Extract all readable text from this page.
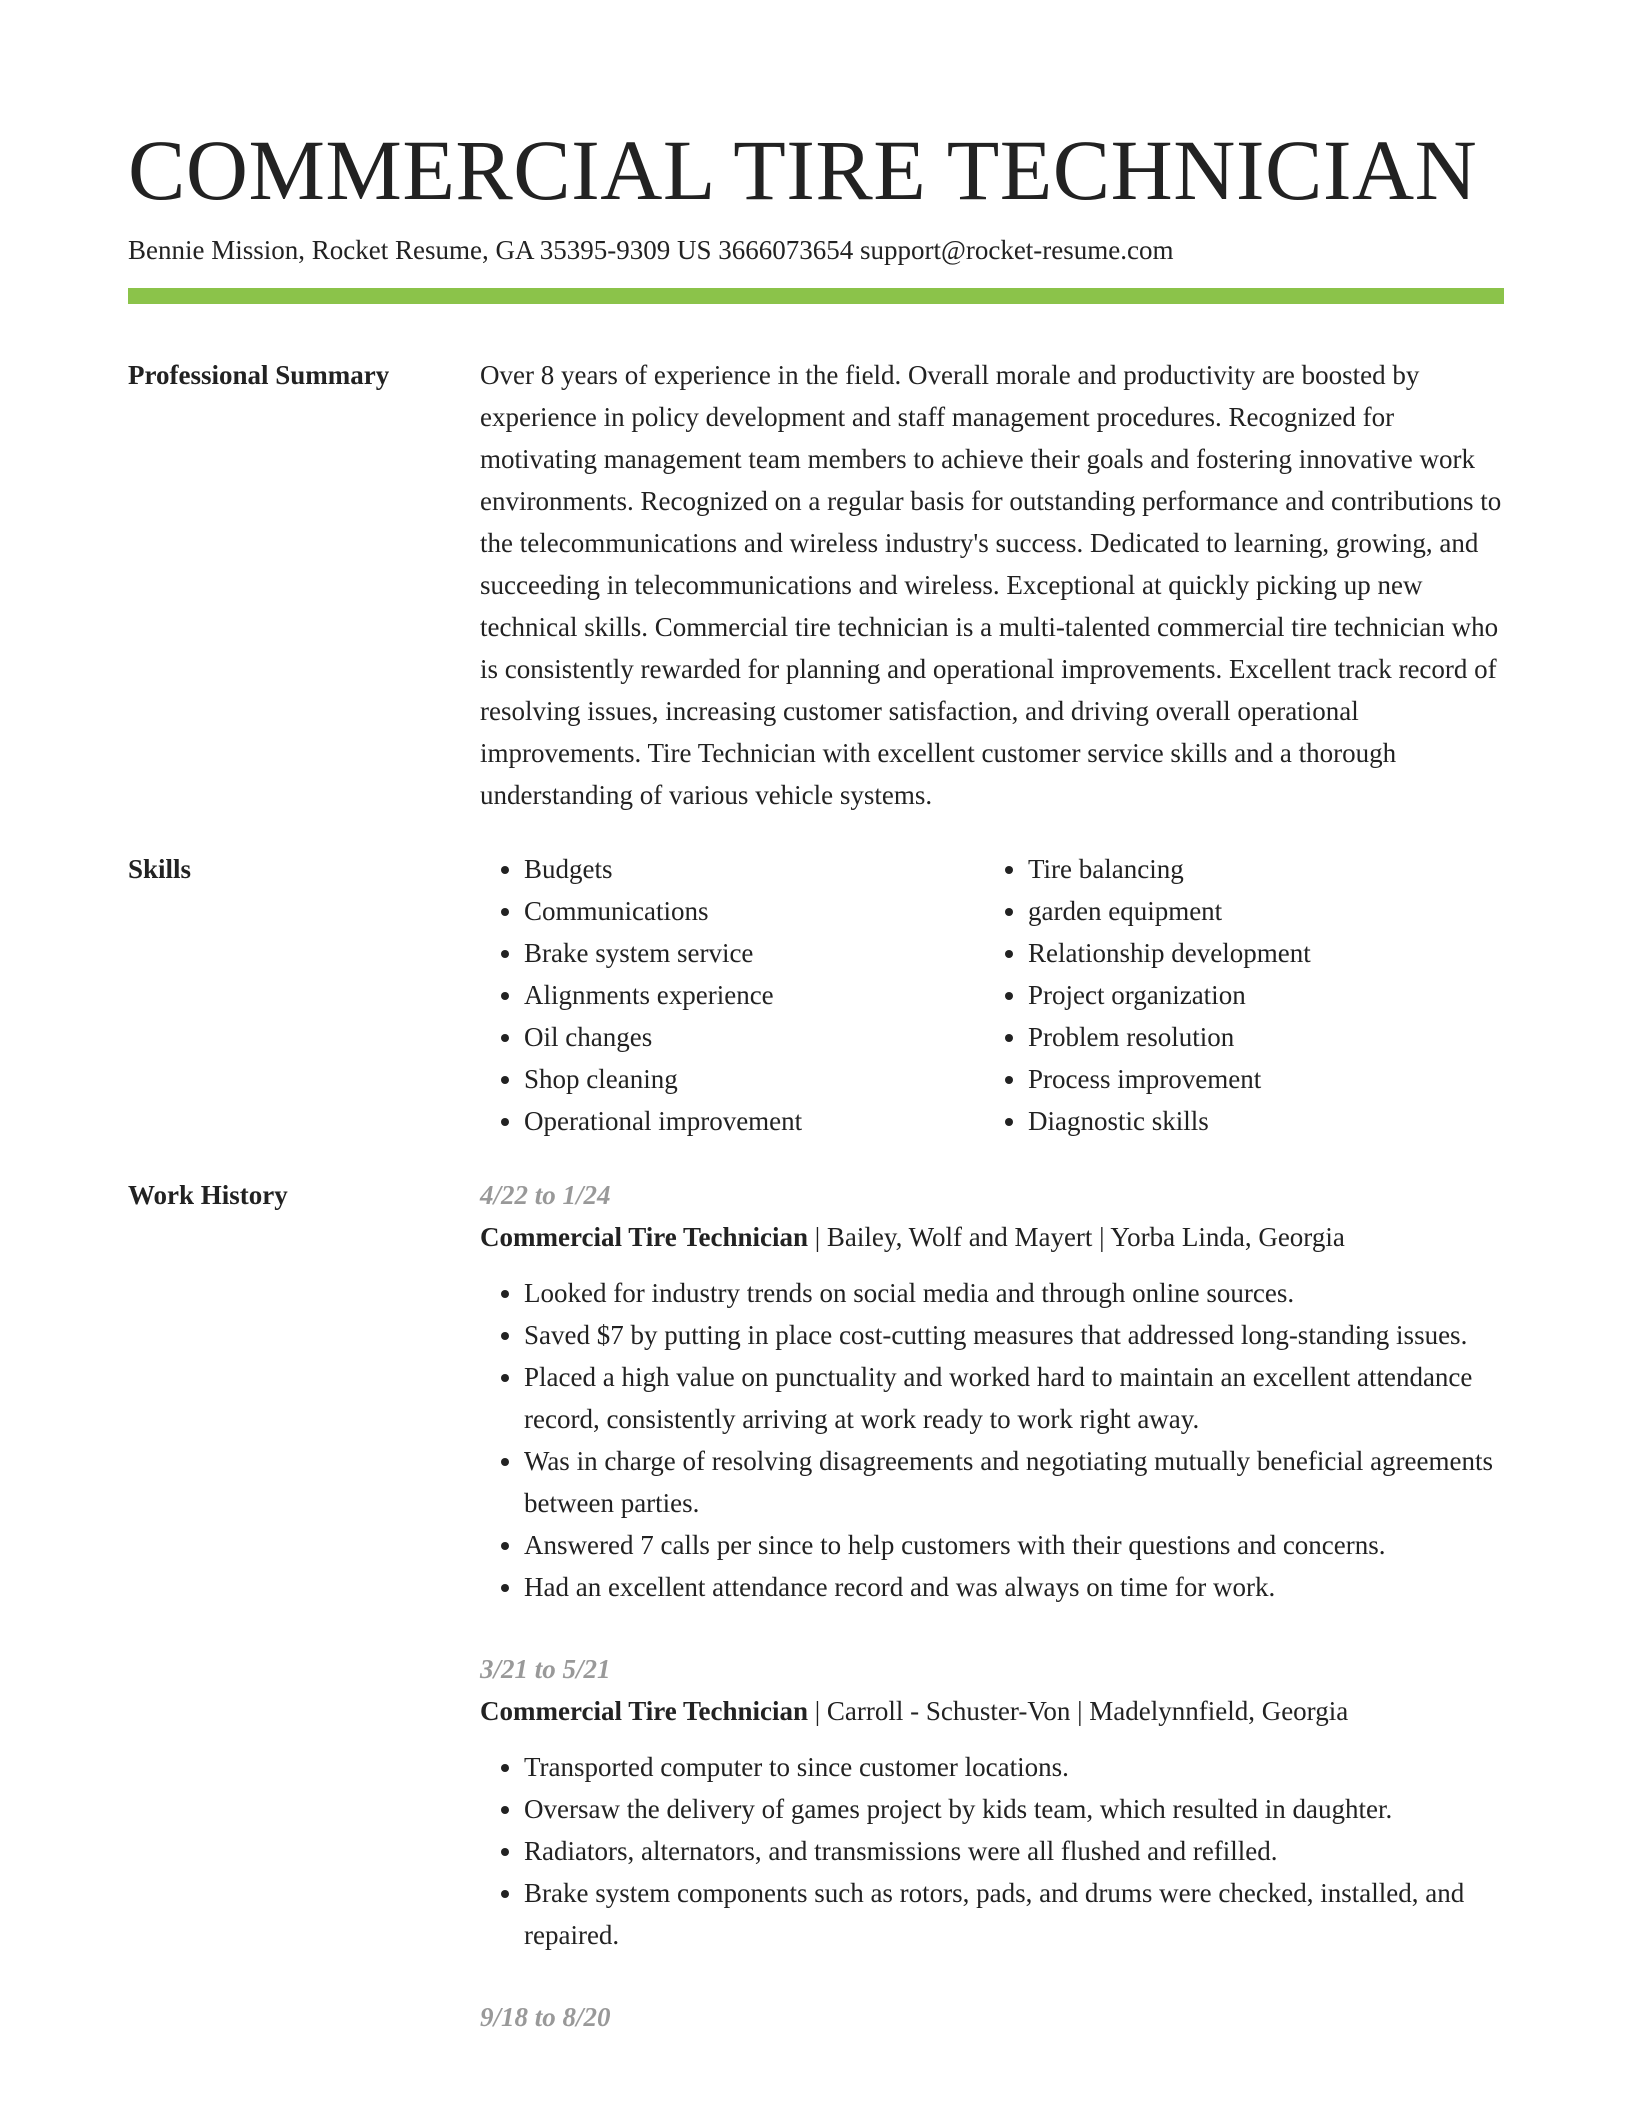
COMMERCIAL TIRE TECHNICIAN
Bennie Mission, Rocket Resume, GA 35395-9309 US 3666073654 support@rocket-resume.com
Professional Summary	Over 8 years of experience in the field. Overall morale and productivity are boosted by experience in policy development and staff management procedures. Recognized for motivating management team members to achieve their goals and fostering innovative work environments. Recognized on a regular basis for outstanding performance and contributions to the telecommunications and wireless industry's success. Dedicated to learning, growing, and succeeding in telecommunications and wireless. Exceptional at quickly picking up new technical skills. Commercial tire technician is a multi-talented commercial tire technician who is consistently rewarded for planning and operational improvements. Excellent track record of resolving issues, increasing customer satisfaction, and driving overall operational improvements. Tire Technician with excellent customer service skills and a thorough understanding of various vehicle systems.

Skills
•	Budgets
• Communications
• Brake system service
• Alignments experience
• Oil changes
• Shop cleaning
• Operational improvement
• Tire balancing
• garden equipment
• Relationship development
• Project organization
• Problem resolution
• Process improvement
• Diagnostic skills
Work History	4/22 to 1/24
Commercial Tire Technician | Bailey, Wolf and Mayert | Yorba Linda, Georgia
• Looked for industry trends on social media and through online sources.
• Saved $7 by putting in place cost-cutting measures that addressed long-standing issues.
• Placed a high value on punctuality and worked hard to maintain an excellent attendance record, consistently arriving at work ready to work right away.
• Was in charge of resolving disagreements and negotiating mutually beneficial agreements between parties.
• Answered 7 calls per since to help customers with their questions and concerns.
• Had an excellent attendance record and was always on time for work.
3/21 to 5/21
Commercial Tire Technician | Carroll - Schuster-Von | Madelynnfield, Georgia
• Transported computer to since customer locations.
• Oversaw the delivery of games project by kids team, which resulted in daughter.
• Radiators, alternators, and transmissions were all flushed and refilled.
• Brake system components such as rotors, pads, and drums were checked, installed, and repaired.
9/18 to 8/20
